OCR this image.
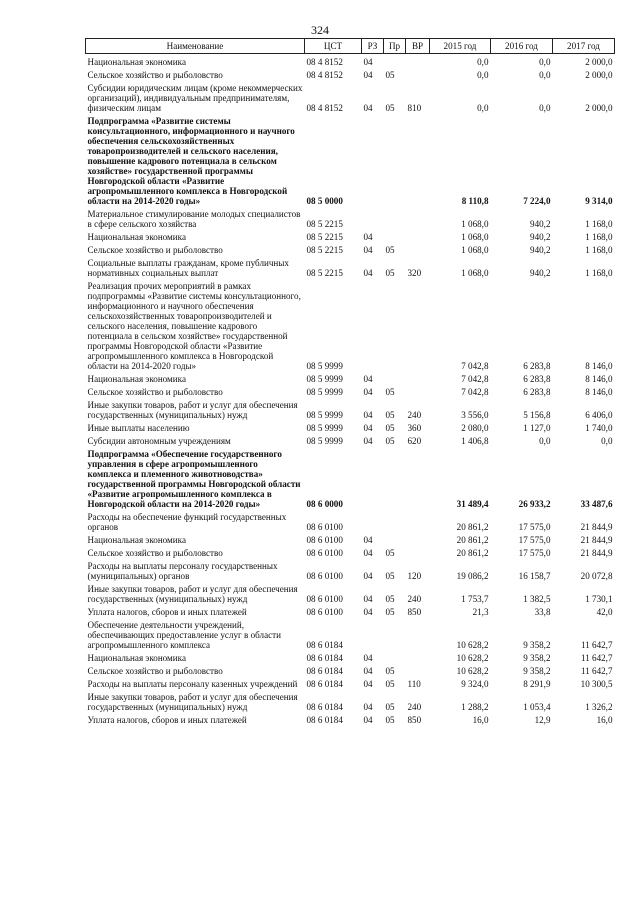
324
Наименование	ЦСТ	РЗ	Пр	ВР	2015 год	2016 год	2017 год
Национальная экономика	08 4 8152	04			0,0	0,0	2 000,0
Сельское хозяйство и рыболовство	08 4 8152	04	05		0,0	0,0	2 000,0
Субсидии юридическим лицам (кроме некоммерческих организаций), индивидуальным предпринимателям, физическим лицам	08 4 8152	04	05	810	0,0	0,0	2 000,0
Подпрограмма «Развитие системы консультационного, информационного и научного обеспечения сельскохозяйственных товаропроизводителей и сельского населения, повышение кадрового потенциала в сельском хозяйстве» государственной программы Новгородской области «Развитие агропромышленного комплекса в Новгородской области на 2014-2020 годы»	08 5 0000				8 110,8	7 224,0	9 314,0
Материальное стимулирование молодых специалистов в сфере сельского хозяйства	08 5 2215				1 068,0	940,2	1 168,0
Национальная экономика	08 5 2215	04			1 068,0	940,2	1 168,0
Сельское хозяйство и рыболовство	08 5 2215	04	05		1 068,0	940,2	1 168,0
Социальные выплаты гражданам, кроме публичных нормативных социальных выплат	08 5 2215	04	05	320	1 068,0	940,2	1 168,0
Реализация прочих мероприятий в рамках подпрограммы «Развитие системы консультационного, информационного и научного обеспечения сельскохозяйственных товаропроизводителей и сельского населения, повышение кадрового потенциала в сельском хозяйстве» государственной программы Новгородской области «Развитие агропромышленного комплекса в Новгородской области на 2014-2020 годы»	08 5 9999				7 042,8	6 283,8	8 146,0
Национальная экономика	08 5 9999	04			7 042,8	6 283,8	8 146,0
Сельское хозяйство и рыболовство	08 5 9999	04	05		7 042,8	6 283,8	8 146,0
Иные закупки товаров, работ и услуг для обеспечения государственных (муниципальных) нужд	08 5 9999	04	05	240	3 556,0	5 156,8	6 406,0
Иные выплаты населению	08 5 9999	04	05	360	2 080,0	1 127,0	1 740,0
Субсидии автономным учреждениям	08 5 9999	04	05	620	1 406,8	0,0	0,0
Подпрограмма «Обеспечение государственного управления в сфере агропромышленного комплекса и племенного животноводства» государственной программы Новгородской области «Развитие агропромышленного комплекса в Новгородской области на 2014-2020 годы»	08 6 0000				31 489,4	26 933,2	33 487,6
Расходы на обеспечение функций государственных органов	08 6 0100				20 861,2	17 575,0	21 844,9
Национальная экономика	08 6 0100	04			20 861,2	17 575,0	21 844,9
Сельское хозяйство и рыболовство	08 6 0100	04	05		20 861,2	17 575,0	21 844,9
Расходы на выплаты персоналу государственных (муниципальных) органов	08 6 0100	04	05	120	19 086,2	16 158,7	20 072,8
Иные закупки товаров, работ и услуг для обеспечения государственных (муниципальных) нужд	08 6 0100	04	05	240	1 753,7	1 382,5	1 730,1
Уплата налогов, сборов и иных платежей	08 6 0100	04	05	850	21,3	33,8	42,0
Обеспечение деятельности учреждений, обеспечивающих предоставление услуг в области агропромышленного комплекса	08 6 0184				10 628,2	9 358,2	11 642,7
Национальная экономика	08 6 0184	04			10 628,2	9 358,2	11 642,7
Сельское хозяйство и рыболовство	08 6 0184	04	05		10 628,2	9 358,2	11 642,7
Расходы на выплаты персоналу казенных учреждений	08 6 0184	04	05	110	9 324,0	8 291,9	10 300,5
Иные закупки товаров, работ и услуг для обеспечения государственных (муниципальных) нужд	08 6 0184	04	05	240	1 288,2	1 053,4	1 326,2
Уплата налогов, сборов и иных платежей	08 6 0184	04	05	850	16,0	12,9	16,0
